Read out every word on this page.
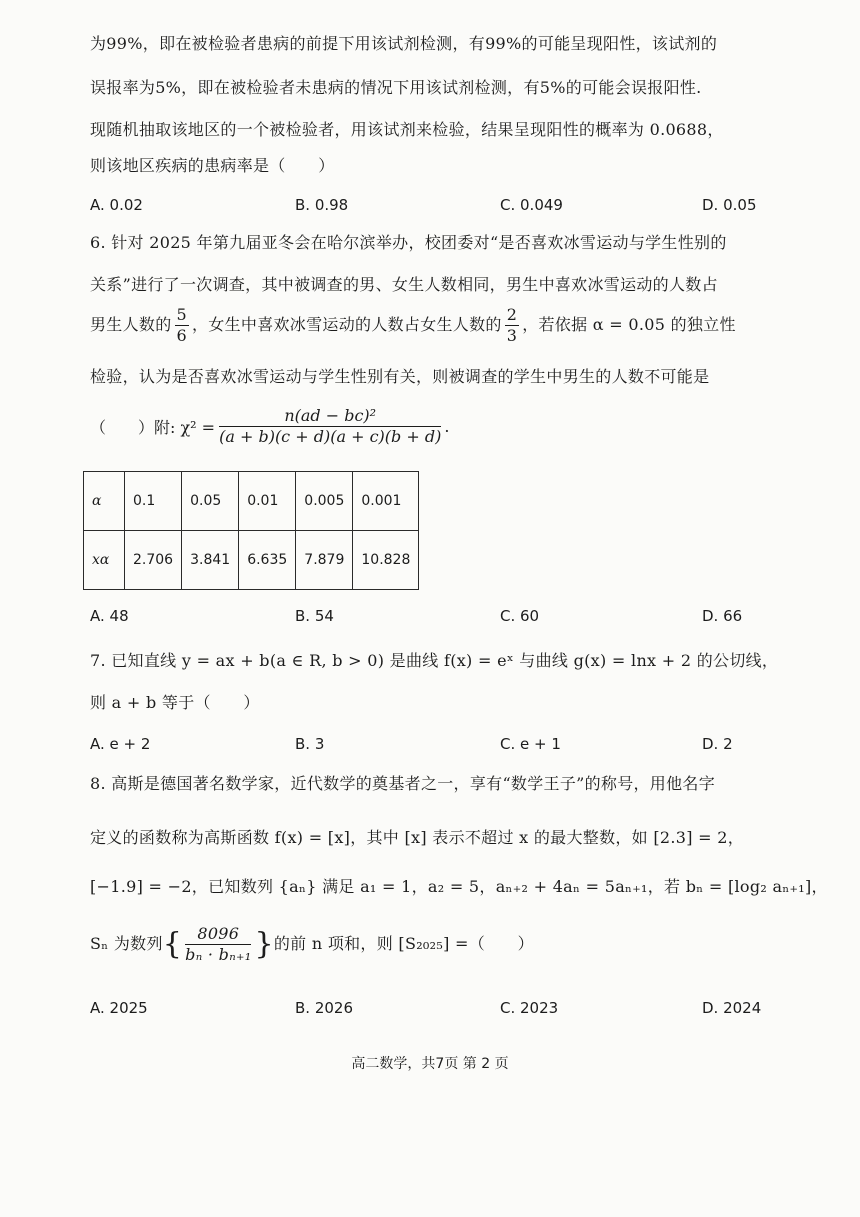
为99%，即在被检验者患病的前提下用该试剂检测，有99%的可能呈现阳性，该试剂的
误报率为5%，即在被检验者未患病的情况下用该试剂检测，有5%的可能会误报阳性.
现随机抽取该地区的一个被检验者，用该试剂来检验，结果呈现阳性的概率为 0.0688，
则该地区疾病的患病率是（　　）
A. 0.02	B. 0.98	C. 0.049	D. 0.05
6. 针对 2025 年第九届亚冬会在哈尔滨举办，校团委对“是否喜欢冰雪运动与学生性别的
关系”进行了一次调查，其中被调查的男、女生人数相同，男生中喜欢冰雪运动的人数占
男生人数的 $\frac{5}{6}$ ，女生中喜欢冰雪运动的人数占女生人数的 $\frac{2}{3}$ ，若依据 α = 0.05 的独立性
检验，认为是否喜欢冰雪运动与学生性别有关，则被调查的学生中男生的人数不可能是
（　　）附: $\chi^2 = \frac{\text{n(ad − bc)²}}{(a + b)(c + d)(a + c)(b + d)}$ .
α	0.1	0.05	0.01	0.005	0.001
xα	2.706	3.841	6.635	7.879	10.828
A. 48	B. 54	C. 60	D. 66
7. 已知直线 y = ax + b(a ∈ R, b > 0) 是曲线 f(x) = eˣ 与曲线 g(x) = lnx + 2 的公切线，
则 a + b 等于（　　）
A. e + 2	B. 3	C. e + 1	D. 2
8. 高斯是德国著名数学家，近代数学的奠基者之一，享有“数学王子”的称号，用他名字
定义的函数称为高斯函数 f(x) = [x]，其中 [x] 表示不超过 x 的最大整数，如 [2.3] = 2，
[−1.9] = −2，已知数列 {aₙ} 满足 a₁ = 1，a₂ = 5，aₙ₊₂ + 4aₙ = 5aₙ₊₁，若 bₙ = [log₂ aₙ₊₁]，
Sₙ 为数列{ $\frac{8096}{\text{bₙ · bₙ₊₁}}$ }的前 n 项和，则 [S₂₀₂₅] =（　　）
A. 2025	B. 2026	C. 2023	D. 2024
高二数学，共7页 第 2 页
